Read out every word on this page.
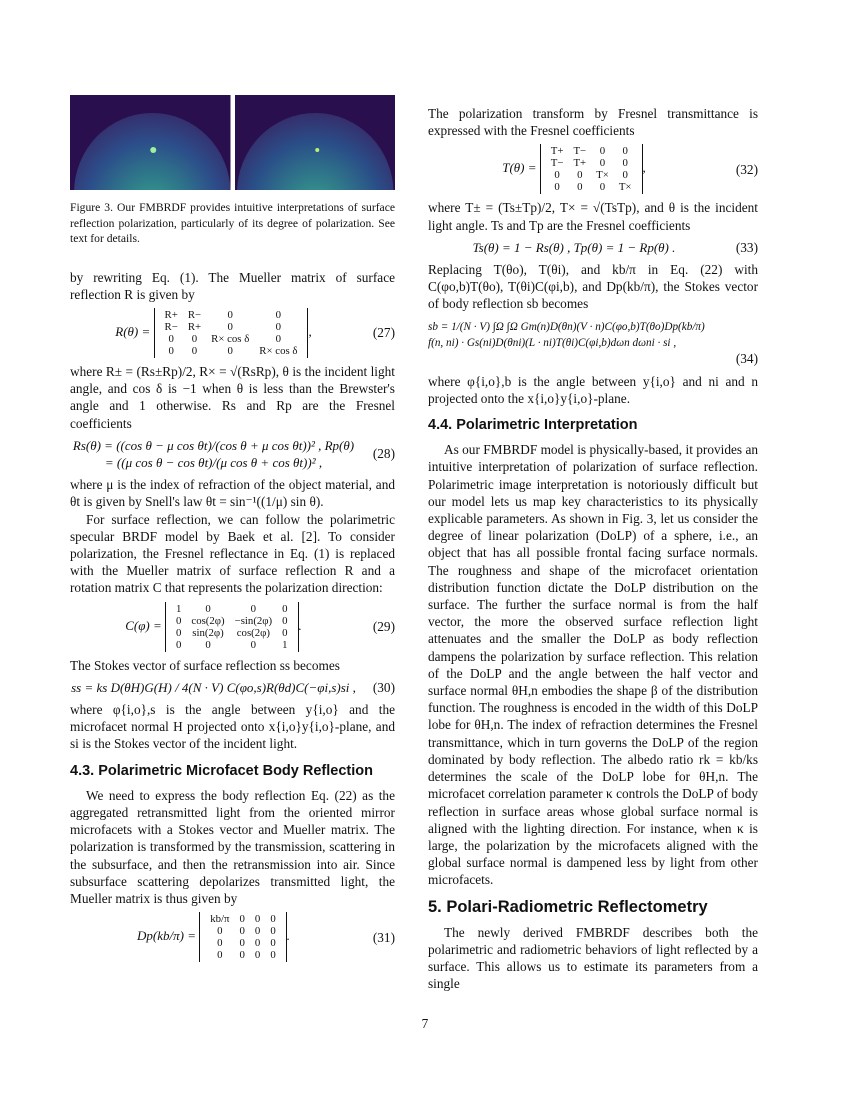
Figure 3. Our FMBRDF provides intuitive interpretations of surface reflection polarization, particularly of its degree of polarization. See text for details.

by rewriting Eq. (1). The Mueller matrix of surface reflection R is given by

R(θ) =
R+	R−	0	0
R−	R+	0	0
0	0	R× cos δ	0
0	0	0	R× cos δ
,	(27)

where R± = (Rs±Rp)/2, R× = √(RsRp), θ is the incident light angle, and cos δ is −1 when θ is less than the Brewster's angle and 1 otherwise. Rs and Rp are the Fresnel coefficients

Rs(θ) = ((cos θ − μ cos θt)/(cos θ + μ cos θt))² , Rp(θ) = ((μ cos θ − cos θt)/(μ cos θ + cos θt))² ,
(28)

where μ is the index of refraction of the object material, and θt is given by Snell's law θt = sin⁻¹((1/μ) sin θ).

For surface reflection, we can follow the polarimetric specular BRDF model by Baek et al. [2]. To consider polarization, the Fresnel reflectance in Eq. (1) is replaced with the Mueller matrix of surface reflection R and a rotation matrix C that represents the polarization direction:

C(φ) =
1	0	0	0
0	cos(2φ)	−sin(2φ)	0
0	sin(2φ)	cos(2φ)	0
0	0	0	1
.	(29)

The Stokes vector of surface reflection ss becomes

ss = ks D(θH)G(H) / 4(N · V) C(φo,s)R(θd)C(−φi,s)si ,	(30)

where φ{i,o},s is the angle between y{i,o} and the microfacet normal H projected onto x{i,o}y{i,o}-plane, and si is the Stokes vector of the incident light.

4.3. Polarimetric Microfacet Body Reflection

We need to express the body reflection Eq. (22) as the aggregated retransmitted light from the oriented mirror microfacets with a Stokes vector and Mueller matrix. The polarization is transformed by the transmission, scattering in the subsurface, and then the retransmission into air. Since subsurface scattering depolarizes transmitted light, the Mueller matrix is thus given by

Dp(kb/π) =
kb/π	0	0	0
0	0	0	0
0	0	0	0
0	0	0	0
.	(31)

The polarization transform by Fresnel transmittance is expressed with the Fresnel coefficients

T(θ) =
T+	T−	0	0
T−	T+	0	0
0	0	T×	0
0	0	0	T×
,	(32)

where T± = (Ts±Tp)/2, T× = √(TsTp), and θ is the incident light angle. Ts and Tp are the Fresnel coefficients

Ts(θ) = 1 − Rs(θ) , Tp(θ) = 1 − Rp(θ) .	(33)

Replacing T(θo), T(θi), and kb/π in Eq. (22) with C(φo,b)T(θo), T(θi)C(φi,b), and Dp(kb/π), the Stokes vector of body reflection sb becomes

sb = 1/(N · V) ∫Ω ∫Ω Gm(n)D(θn)(V · n)C(φo,b)T(θo)Dp(kb/π)
f(n, ni) · Gs(ni)D(θni)(L · ni)T(θi)C(φi,b)dωn dωni · si ,
(34)

where φ{i,o},b is the angle between y{i,o} and ni and n projected onto the x{i,o}y{i,o}-plane.

4.4. Polarimetric Interpretation

As our FMBRDF model is physically-based, it provides an intuitive interpretation of polarization of surface reflection. Polarimetric image interpretation is notoriously difficult but our model lets us map key characteristics to its physically explicable parameters. As shown in Fig. 3, let us consider the degree of linear polarization (DoLP) of a sphere, i.e., an object that has all possible frontal facing surface normals. The roughness and shape of the microfacet orientation distribution function dictate the DoLP distribution on the surface. The further the surface normal is from the half vector, the more the observed surface reflection light attenuates and the smaller the DoLP as body reflection dampens the polarization by surface reflection. This relation of the DoLP and the angle between the half vector and surface normal θH,n embodies the shape β of the distribution function. The roughness is encoded in the width of this DoLP lobe for θH,n. The index of refraction determines the Fresnel transmittance, which in turn governs the DoLP of the region dominated by body reflection. The albedo ratio rk = kb/ks determines the scale of the DoLP lobe for θH,n. The microfacet correlation parameter κ controls the DoLP of body reflection in surface areas whose global surface normal is aligned with the lighting direction. For instance, when κ is large, the polarization by the microfacets aligned with the global surface normal is dampened less by light from other microfacets.

5. Polari-Radiometric Reflectometry

The newly derived FMBRDF describes both the polarimetric and radiometric behaviors of light reflected by a surface. This allows us to estimate its parameters from a single

7
